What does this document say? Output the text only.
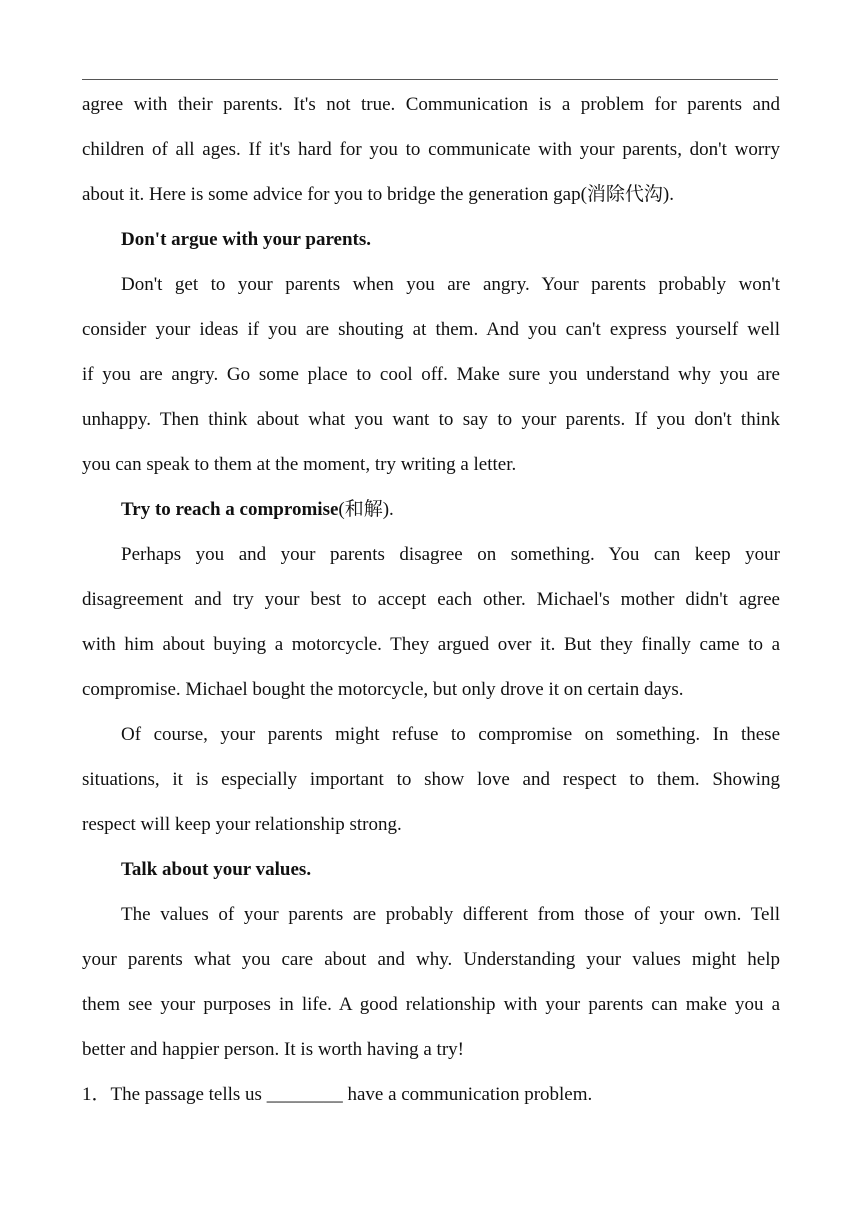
agree with their parents. It's not true. Communication is a problem for parents and
children of all ages. If it's hard for you to communicate with your parents, don't worry
about it. Here is some advice for you to bridge the generation gap(消除代沟).
Don't argue with your parents.
Don't get to your parents when you are angry. Your parents probably won't
consider your ideas if you are shouting at them. And you can't express yourself well
if you are angry. Go some place to cool off. Make sure you understand why you are
unhappy. Then think about what you want to say to your parents. If you don't think
you can speak to them at the moment, try writing a letter.
Try to reach a compromise(和解).
Perhaps you and your parents disagree on something. You can keep your
disagreement and try your best to accept each other. Michael's mother didn't agree
with him about buying a motorcycle. They argued over it. But they finally came to a
compromise. Michael bought the motorcycle, but only drove it on certain days.
Of course, your parents might refuse to compromise on something. In these
situations, it is especially important to show love and respect to them. Showing
respect will keep your relationship strong.
Talk about your values.
The values of your parents are probably different from those of your own. Tell
your parents what you care about and why. Understanding your values might help
them see your purposes in life. A good relationship with your parents can make you a
better and happier person. It is worth having a try!
1．The passage tells us ________ have a communication problem.
